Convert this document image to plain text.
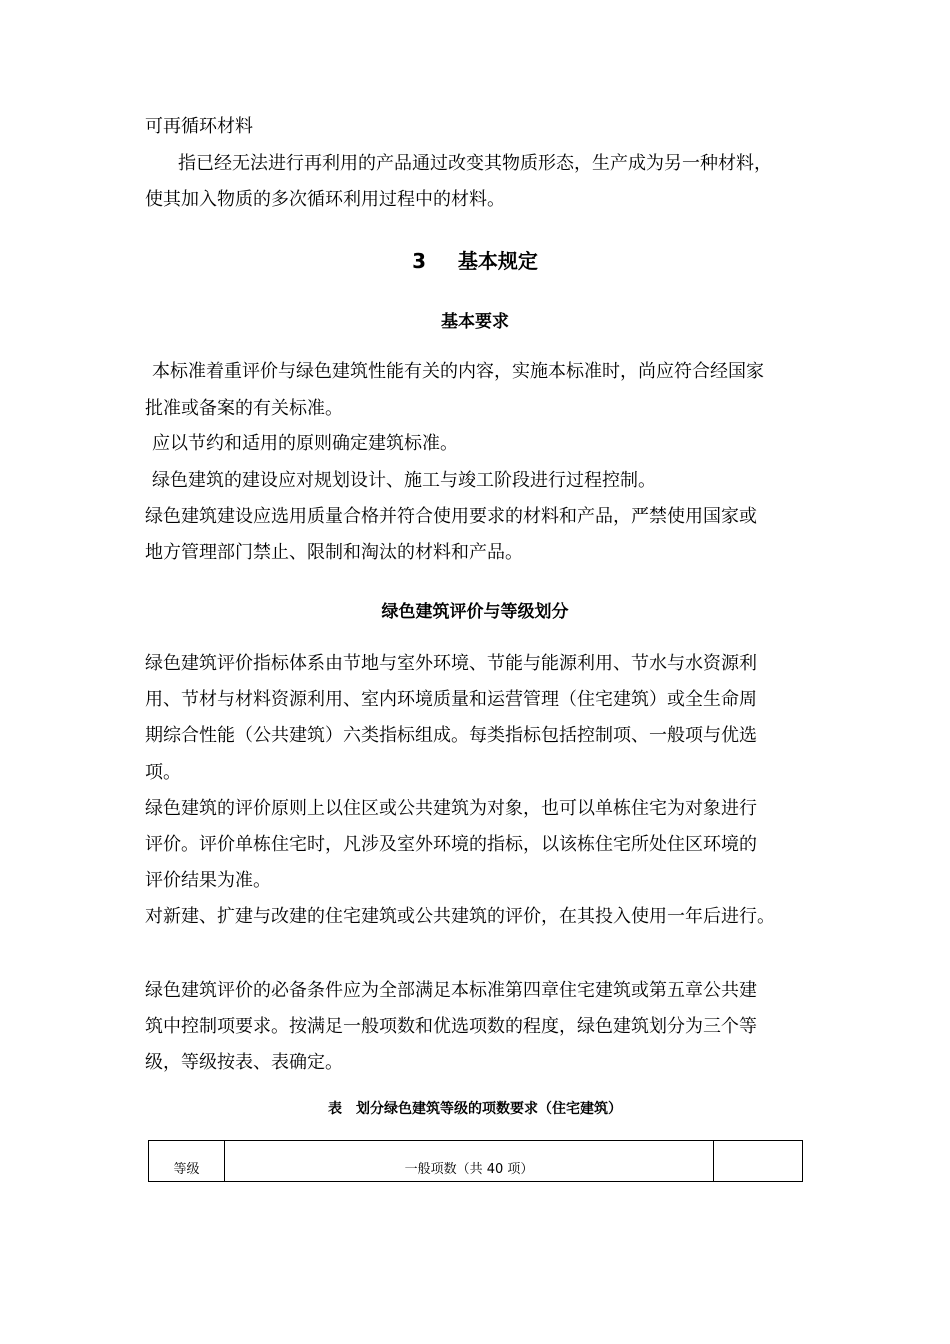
可再循环材料
指已经无法进行再利用的产品通过改变其物质形态，生产成为另一种材料，
使其加入物质的多次循环利用过程中的材料。
3 基本规定
基本要求
本标准着重评价与绿色建筑性能有关的内容，实施本标准时，尚应符合经国家
批准或备案的有关标准。
应以节约和适用的原则确定建筑标准。
绿色建筑的建设应对规划设计、施工与竣工阶段进行过程控制。
绿色建筑建设应选用质量合格并符合使用要求的材料和产品，严禁使用国家或
地方管理部门禁止、限制和淘汰的材料和产品。
绿色建筑评价与等级划分
绿色建筑评价指标体系由节地与室外环境、节能与能源利用、节水与水资源利
用、节材与材料资源利用、室内环境质量和运营管理（住宅建筑）或全生命周
期综合性能（公共建筑）六类指标组成。每类指标包括控制项、一般项与优选
项。
绿色建筑的评价原则上以住区或公共建筑为对象，也可以单栋住宅为对象进行
评价。评价单栋住宅时，凡涉及室外环境的指标，以该栋住宅所处住区环境的
评价结果为准。
对新建、扩建与改建的住宅建筑或公共建筑的评价，在其投入使用一年后进行。
绿色建筑评价的必备条件应为全部满足本标准第四章住宅建筑或第五章公共建
筑中控制项要求。按满足一般项数和优选项数的程度，绿色建筑划分为三个等
级，等级按表、表确定。
表　划分绿色建筑等级的项数要求（住宅建筑）
等级	一般项数（共 40 项）	
